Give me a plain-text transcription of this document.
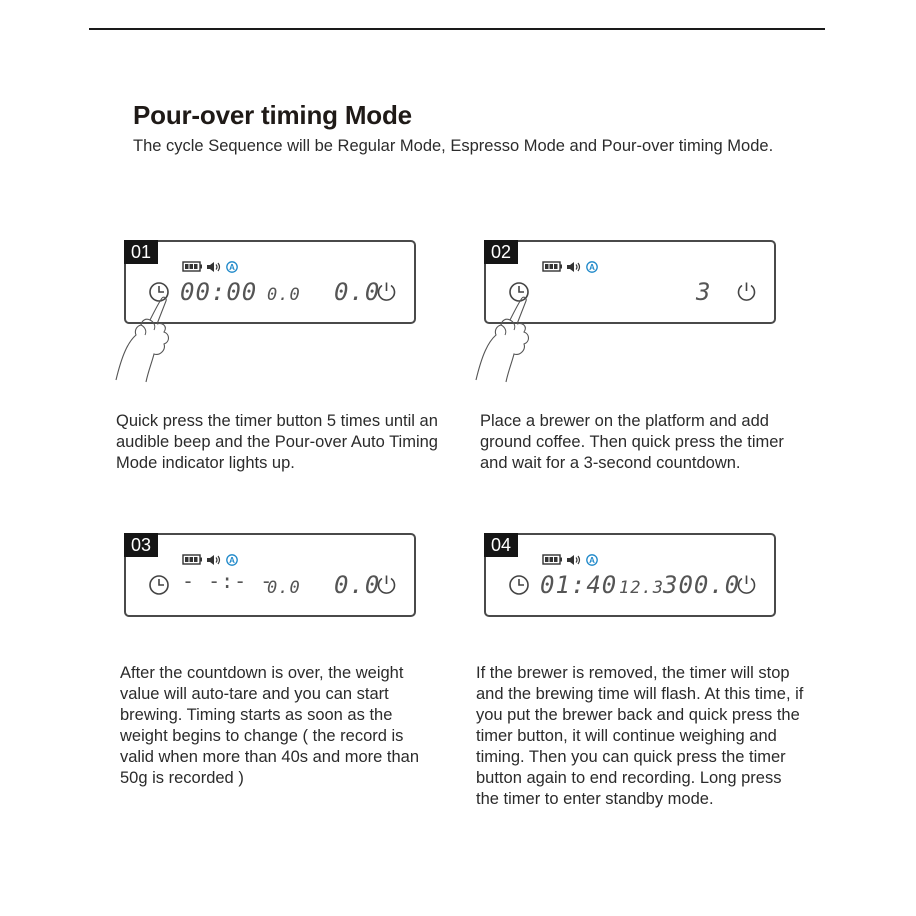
Pour-over timing Mode
The cycle Sequence will be Regular Mode, Espresso Mode and Pour-over timing Mode.
01
A
00:00 0.0 0.0
02
A
3
Quick press the timer button 5 times until an audible beep and the Pour-over Auto Timing Mode indicator lights up.
Place a brewer on the platform and add ground coffee. Then quick press the timer and wait for a 3-second countdown.
03
A
- -:- -
0.0 0.0
04
A
01:40 12.3 300.0
After the countdown is over, the weight value will auto-tare and you can start brewing. Timing starts as soon as the weight begins to change ( the record is valid when more than 40s and more than 50g is recorded )
If the brewer is removed, the timer will stop and the brewing time will flash. At this time, if you put the brewer back and quick press the timer button, it will continue weighing and timing. Then you can quick press the timer button again to end recording. Long press the timer to enter standby mode.
